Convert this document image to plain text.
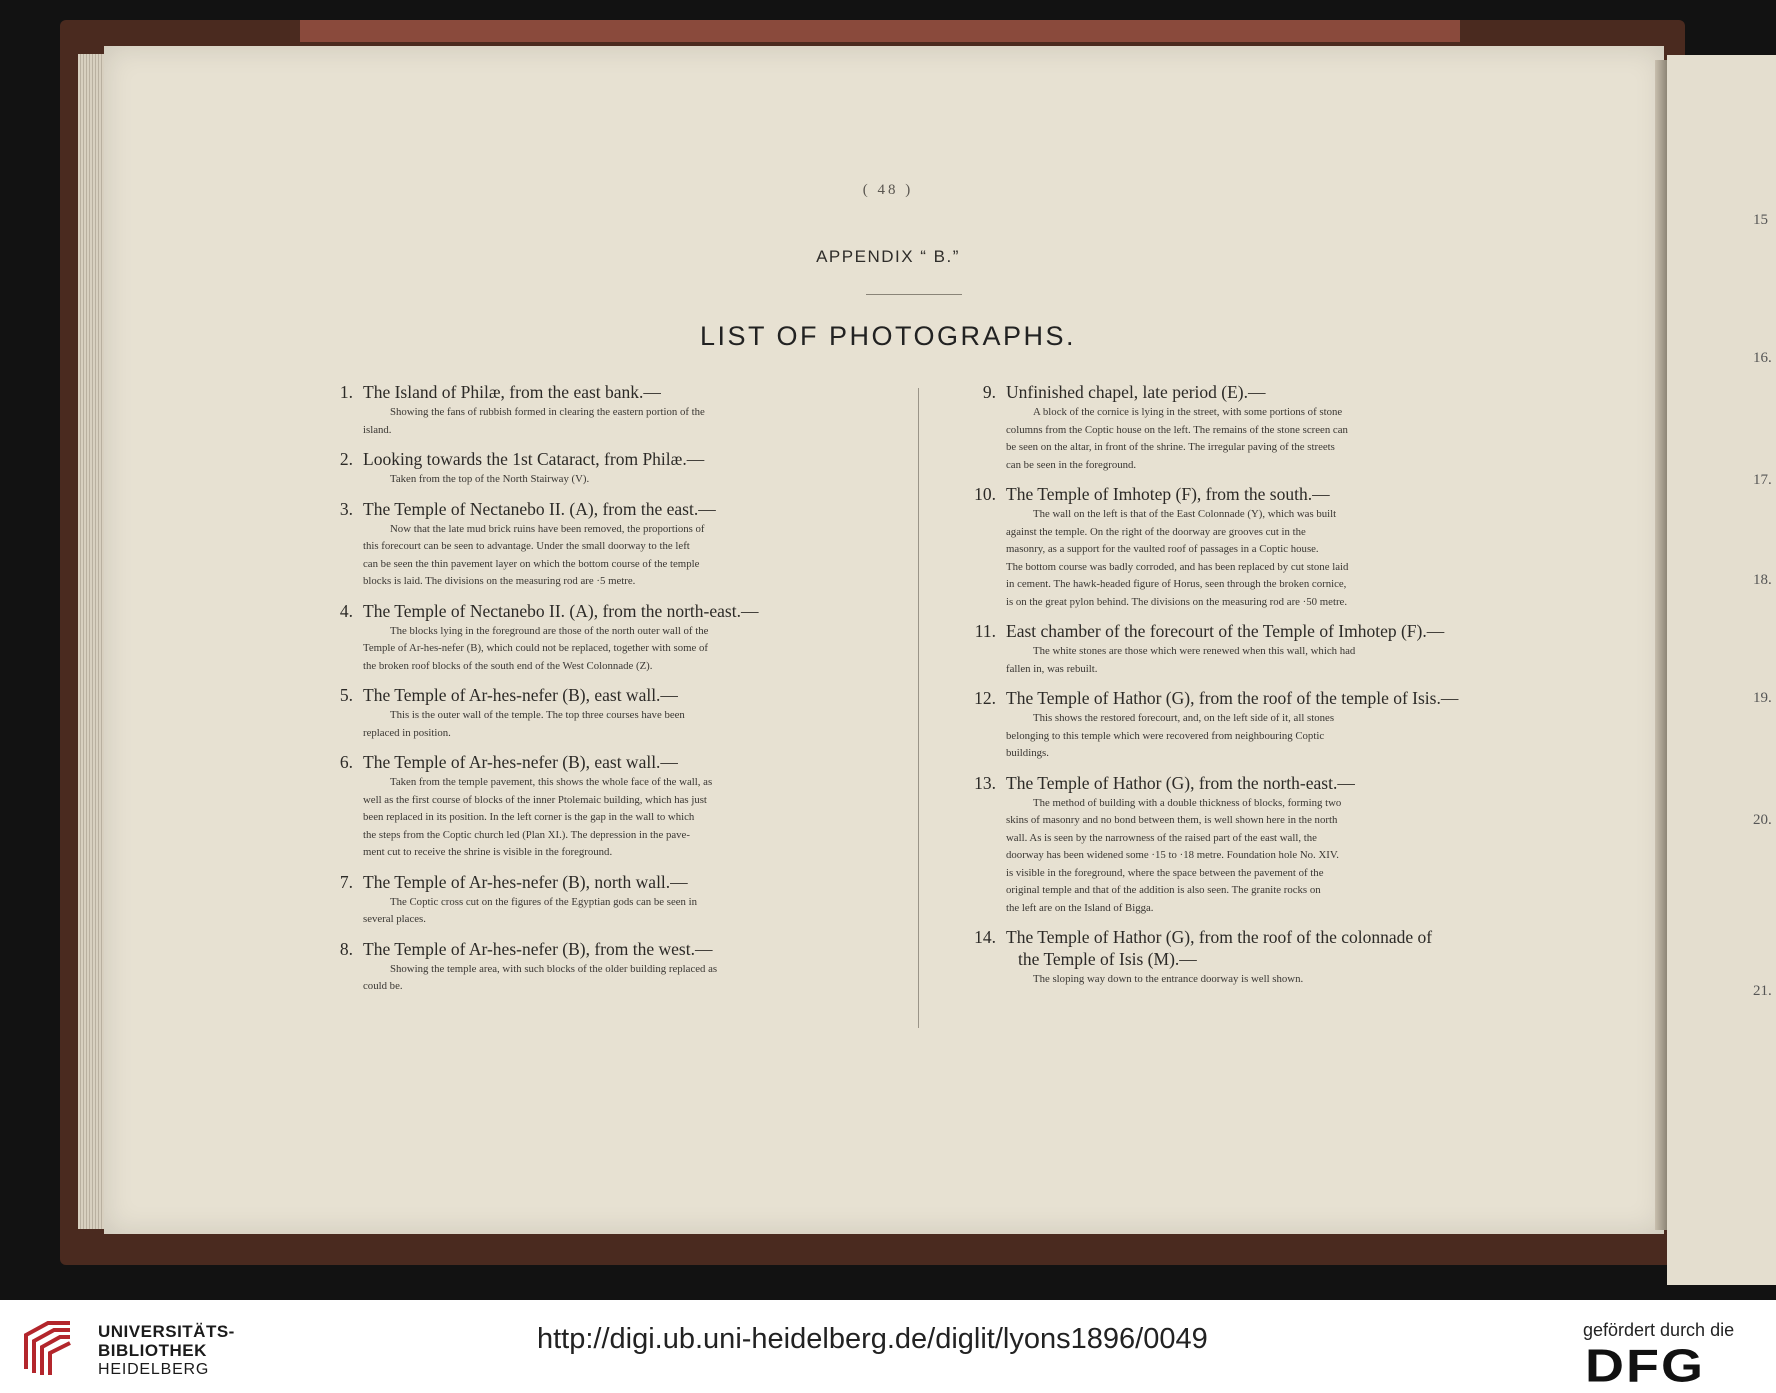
15
16.
17.
18.
19.
20.
21.
( 48 )
APPENDIX “ B.”
LIST OF PHOTOGRAPHS.
1. The Island of Philæ, from the east bank.—
Showing the fans of rubbish formed in clearing the eastern portion of the
island.
2. Looking towards the 1st Cataract, from Philæ.—
Taken from the top of the North Stairway (V).
3. The Temple of Nectanebo II. (A), from the east.—
Now that the late mud brick ruins have been removed, the proportions of
this forecourt can be seen to advantage. Under the small doorway to the left
can be seen the thin pavement layer on which the bottom course of the temple
blocks is laid. The divisions on the measuring rod are ·5 metre.
4. The Temple of Nectanebo II. (A), from the north-east.—
The blocks lying in the foreground are those of the north outer wall of the
Temple of Ar-hes-nefer (B), which could not be replaced, together with some of
the broken roof blocks of the south end of the West Colonnade (Z).
5. The Temple of Ar-hes-nefer (B), east wall.—
This is the outer wall of the temple. The top three courses have been
replaced in position.
6. The Temple of Ar-hes-nefer (B), east wall.—
Taken from the temple pavement, this shows the whole face of the wall, as
well as the first course of blocks of the inner Ptolemaic building, which has just
been replaced in its position. In the left corner is the gap in the wall to which
the steps from the Coptic church led (Plan XI.). The depression in the pave-
ment cut to receive the shrine is visible in the foreground.
7. The Temple of Ar-hes-nefer (B), north wall.—
The Coptic cross cut on the figures of the Egyptian gods can be seen in
several places.
8. The Temple of Ar-hes-nefer (B), from the west.—
Showing the temple area, with such blocks of the older building replaced as
could be.
9. Unfinished chapel, late period (E).—
A block of the cornice is lying in the street, with some portions of stone
columns from the Coptic house on the left. The remains of the stone screen can
be seen on the altar, in front of the shrine. The irregular paving of the streets
can be seen in the foreground.
10. The Temple of Imhotep (F), from the south.—
The wall on the left is that of the East Colonnade (Y), which was built
against the temple. On the right of the doorway are grooves cut in the
masonry, as a support for the vaulted roof of passages in a Coptic house.
The bottom course was badly corroded, and has been replaced by cut stone laid
in cement. The hawk-headed figure of Horus, seen through the broken cornice,
is on the great pylon behind. The divisions on the measuring rod are ·50 metre.
11. East chamber of the forecourt of the Temple of Imhotep (F).—
The white stones are those which were renewed when this wall, which had
fallen in, was rebuilt.
12. The Temple of Hathor (G), from the roof of the temple of Isis.—
This shows the restored forecourt, and, on the left side of it, all stones
belonging to this temple which were recovered from neighbouring Coptic
buildings.
13. The Temple of Hathor (G), from the north-east.—
The method of building with a double thickness of blocks, forming two
skins of masonry and no bond between them, is well shown here in the north
wall. As is seen by the narrowness of the raised part of the east wall, the
doorway has been widened some ·15 to ·18 metre. Foundation hole No. XIV.
is visible in the foreground, where the space between the pavement of the
original temple and that of the addition is also seen. The granite rocks on
the left are on the Island of Bigga.
14. The Temple of Hathor (G), from the roof of the colonnade of
the Temple of Isis (M).—
The sloping way down to the entrance doorway is well shown.
UNIVERSITÄTS-
BIBLIOTHEK
HEIDELBERG
http://digi.ub.uni-heidelberg.de/diglit/lyons1896/0049	gefördert durch die
DFG
